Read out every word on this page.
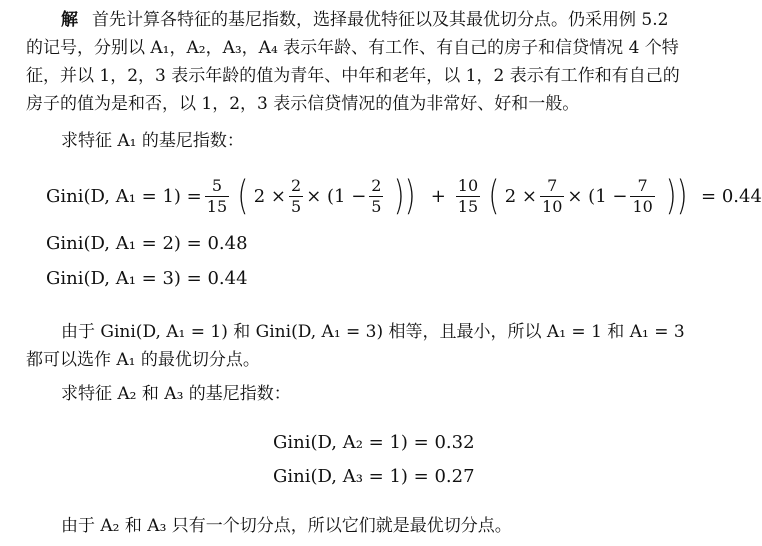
解 首先计算各特征的基尼指数，选择最优特征以及其最优切分点。仍采用例 5.2
的记号，分别以 A₁，A₂，A₃，A₄ 表示年龄、有工作、有自己的房子和信贷情况 4 个特
征，并以 1，2，3 表示年龄的值为青年、中年和老年，以 1，2 表示有工作和有自己的
房子的值为是和否，以 1，2，3 表示信贷情况的值为非常好、好和一般。
求特征 A₁ 的基尼指数：
Gini(D, $A_1 = 1) = \frac{5}{15}$ ( $2 \times \frac{2}{5} \times (1 - \frac{2}{5}$ )) + $\frac{10}{15}$ ( $2 \times \frac{7}{10} \times (1 - \frac{7}{10}$ )) = 0.44
Gini(D, A₁ = 2) = 0.48
Gini(D, A₁ = 3) = 0.44
由于 Gini(D, A₁ = 1) 和 Gini(D, A₁ = 3) 相等，且最小，所以 A₁ = 1 和 A₁ = 3
都可以选作 A₁ 的最优切分点。
求特征 A₂ 和 A₃ 的基尼指数：
Gini(D, A₂ = 1) = 0.32
Gini(D, A₃ = 1) = 0.27
由于 A₂ 和 A₃ 只有一个切分点，所以它们就是最优切分点。
